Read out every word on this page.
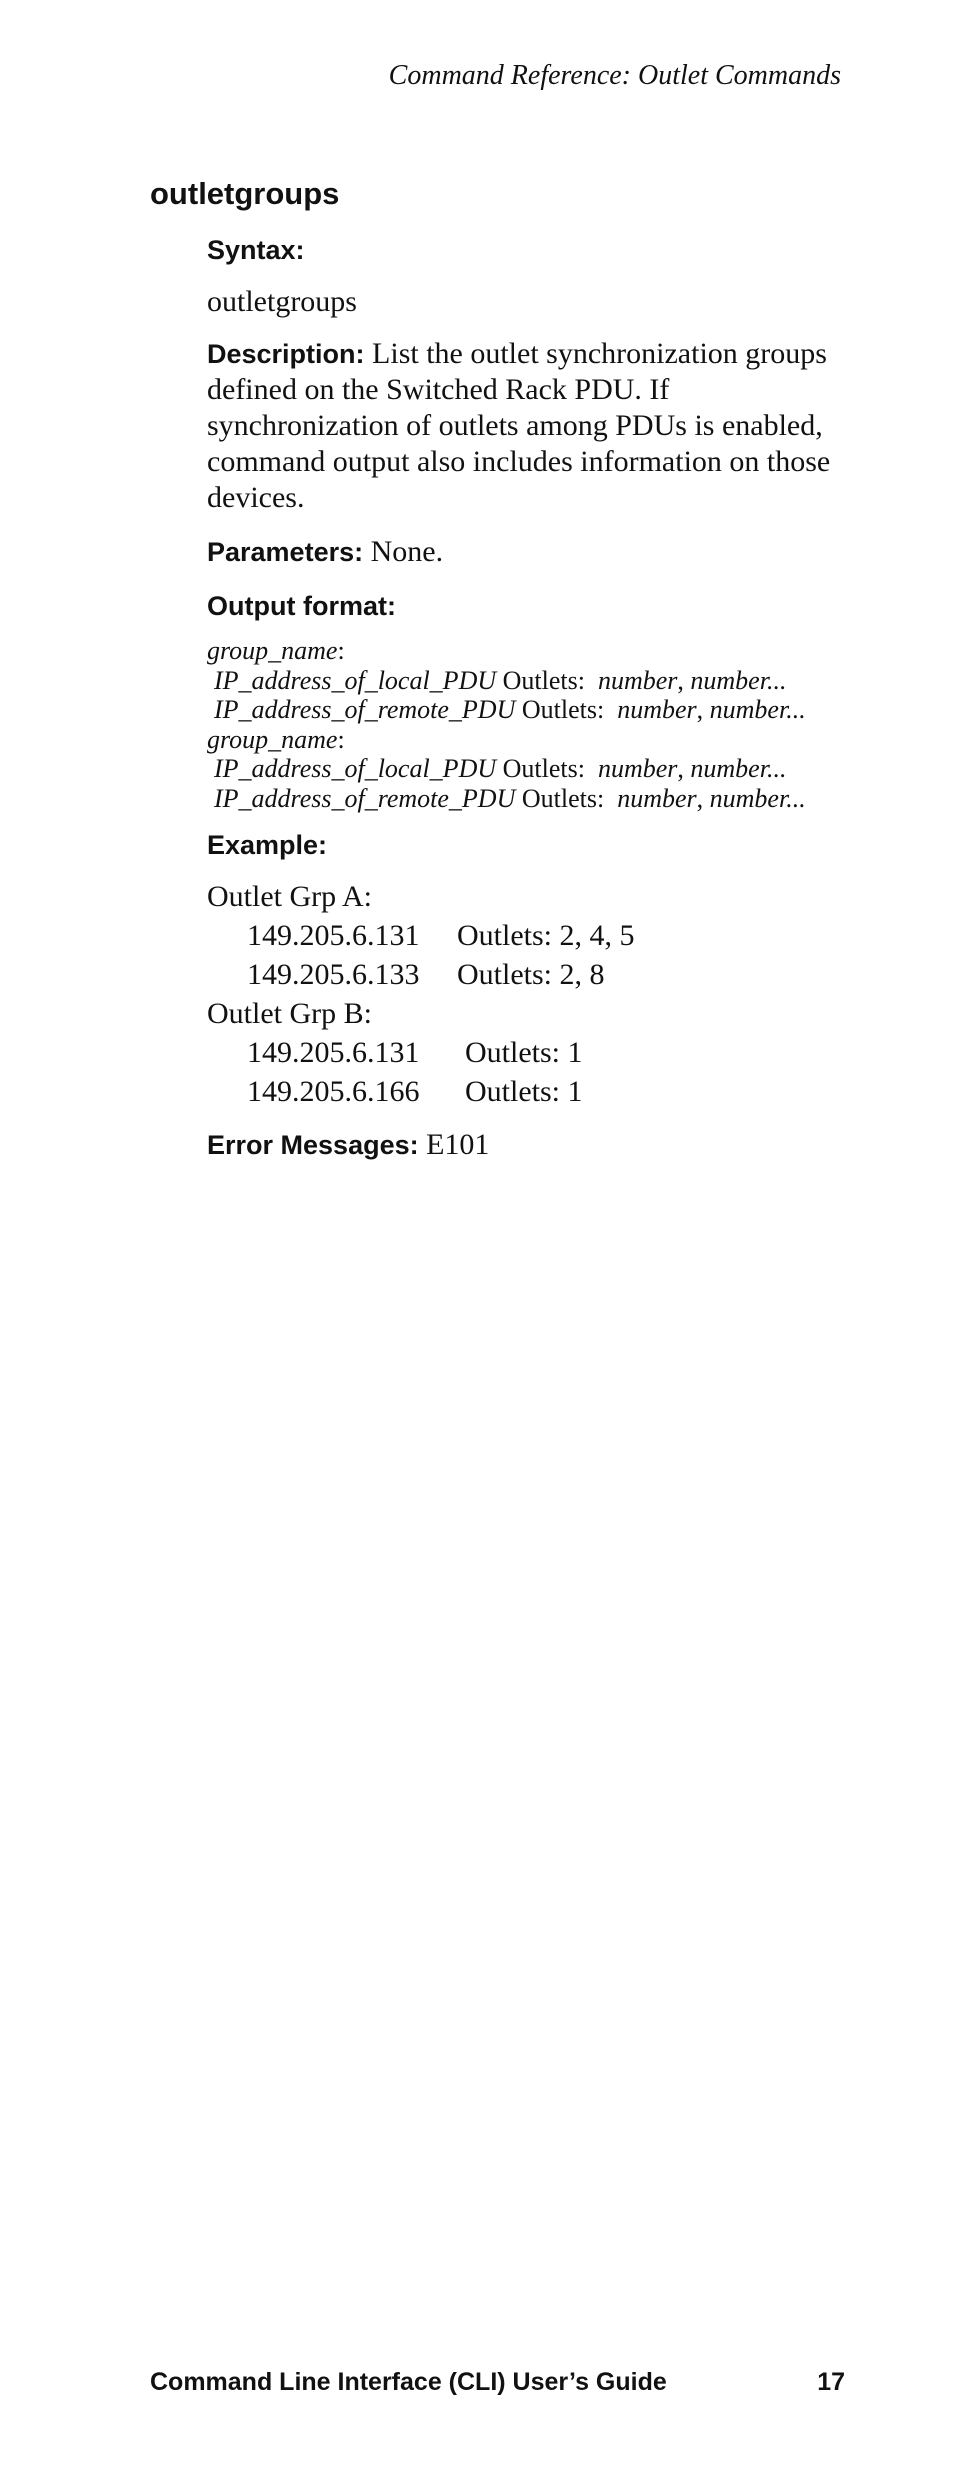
Command Reference: Outlet Commands
outletgroups
Syntax:
outletgroups
Description: List the outlet synchronization groups defined on the Switched Rack PDU. If synchronization of outlets among PDUs is enabled, command output also includes information on those devices.
Parameters: None.
Output format:
group_name:
IP_address_of_local_PDU Outlets: number, number...
IP_address_of_remote_PDU Outlets: number, number...
group_name:
IP_address_of_local_PDU Outlets: number, number...
IP_address_of_remote_PDU Outlets: number, number...
Example:
Outlet Grp A:
149.205.6.131 Outlets: 2, 4, 5
149.205.6.133 Outlets: 2, 8
Outlet Grp B:
149.205.6.131 Outlets: 1
149.205.6.166 Outlets: 1
Error Messages: E101
Command Line Interface (CLI) User’s Guide	17
